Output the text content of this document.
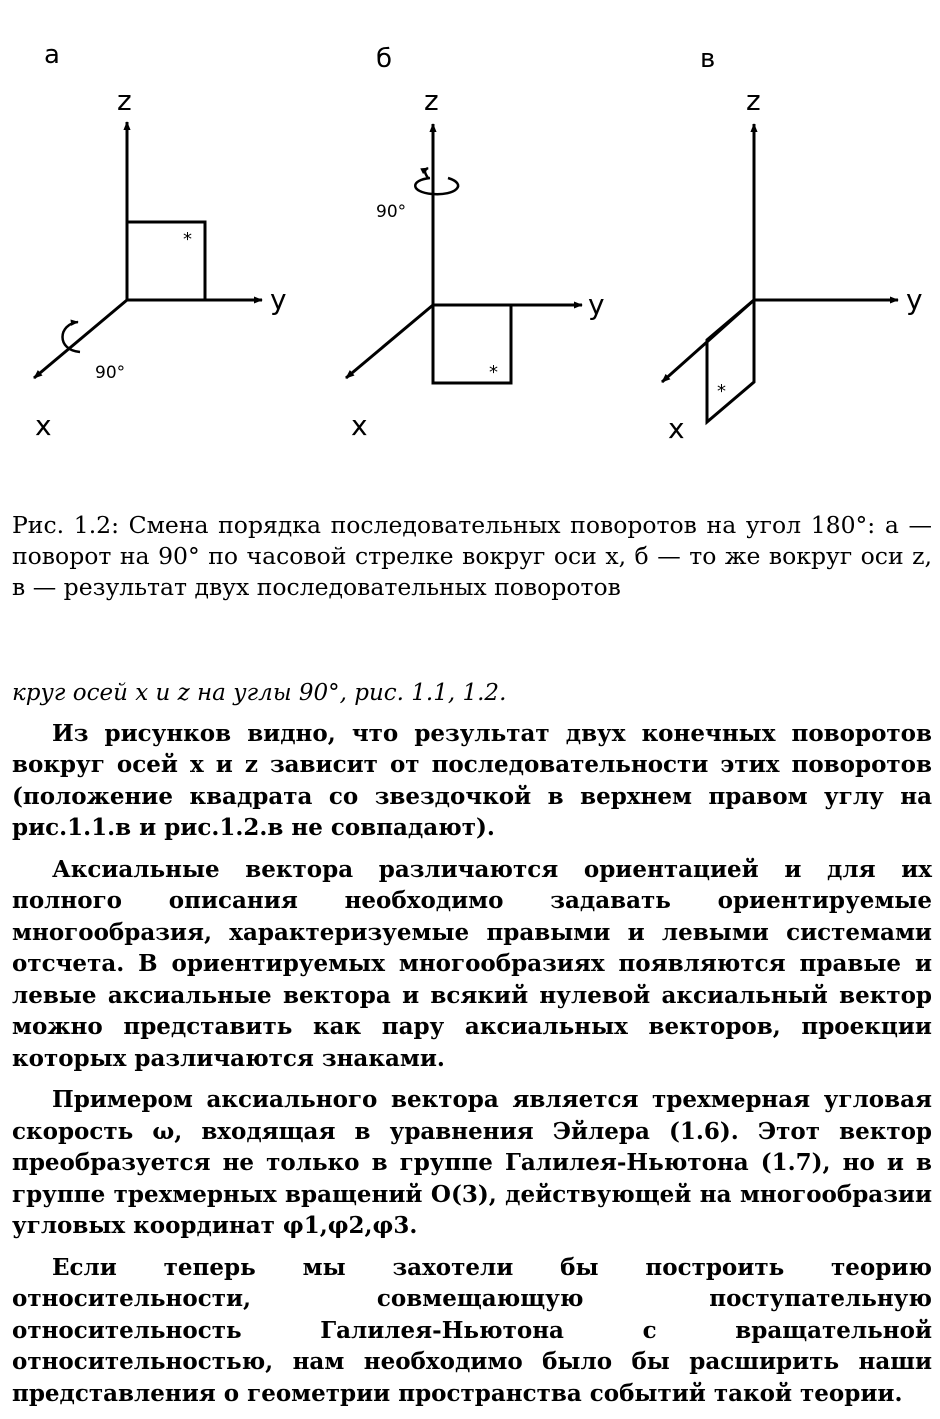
а
*
z
y
x
90°
б
*
z
y
x
90°
в
*
z
y
x

Рис. 1.2: Смена порядка последовательных поворотов на угол 180°: а — поворот на 90° по часовой стрелке вокруг оси x, б — то же вокруг оси z, в — результат двух последовательных поворотов

круг осей x и z на углы 90°, рис. 1.1, 1.2.

Из рисунков видно, что результат двух конечных поворотов вокруг осей x и z зависит от последовательности этих поворотов (положение квадрата со звездочкой в верхнем правом углу на рис.1.1.в и рис.1.2.в не совпадают).

Аксиальные вектора различаются ориентацией и для их полного описания необходимо задавать ориентируемые многообразия, характеризуемые правыми и левыми системами отсчета. В ориентируемых многообразиях появляются правые и левые аксиальные вектора и всякий нулевой аксиальный вектор можно представить как пару аксиальных векторов, проекции которых различаются знаками.

Примером аксиального вектора является трехмерная угловая скорость ω, входящая в уравнения Эйлера (1.6). Этот вектор преобразуется не только в группе Галилея-Ньютона (1.7), но и в группе трехмерных вращений O(3), действующей на многообразии угловых координат φ1,φ2,φ3.

Если теперь мы захотели бы построить теорию относительности, совмещающую поступательную относительность Галилея-Ньютона с вращательной относительностью, нам необходимо было бы расширить наши представления о геометрии пространства событий такой теории.
